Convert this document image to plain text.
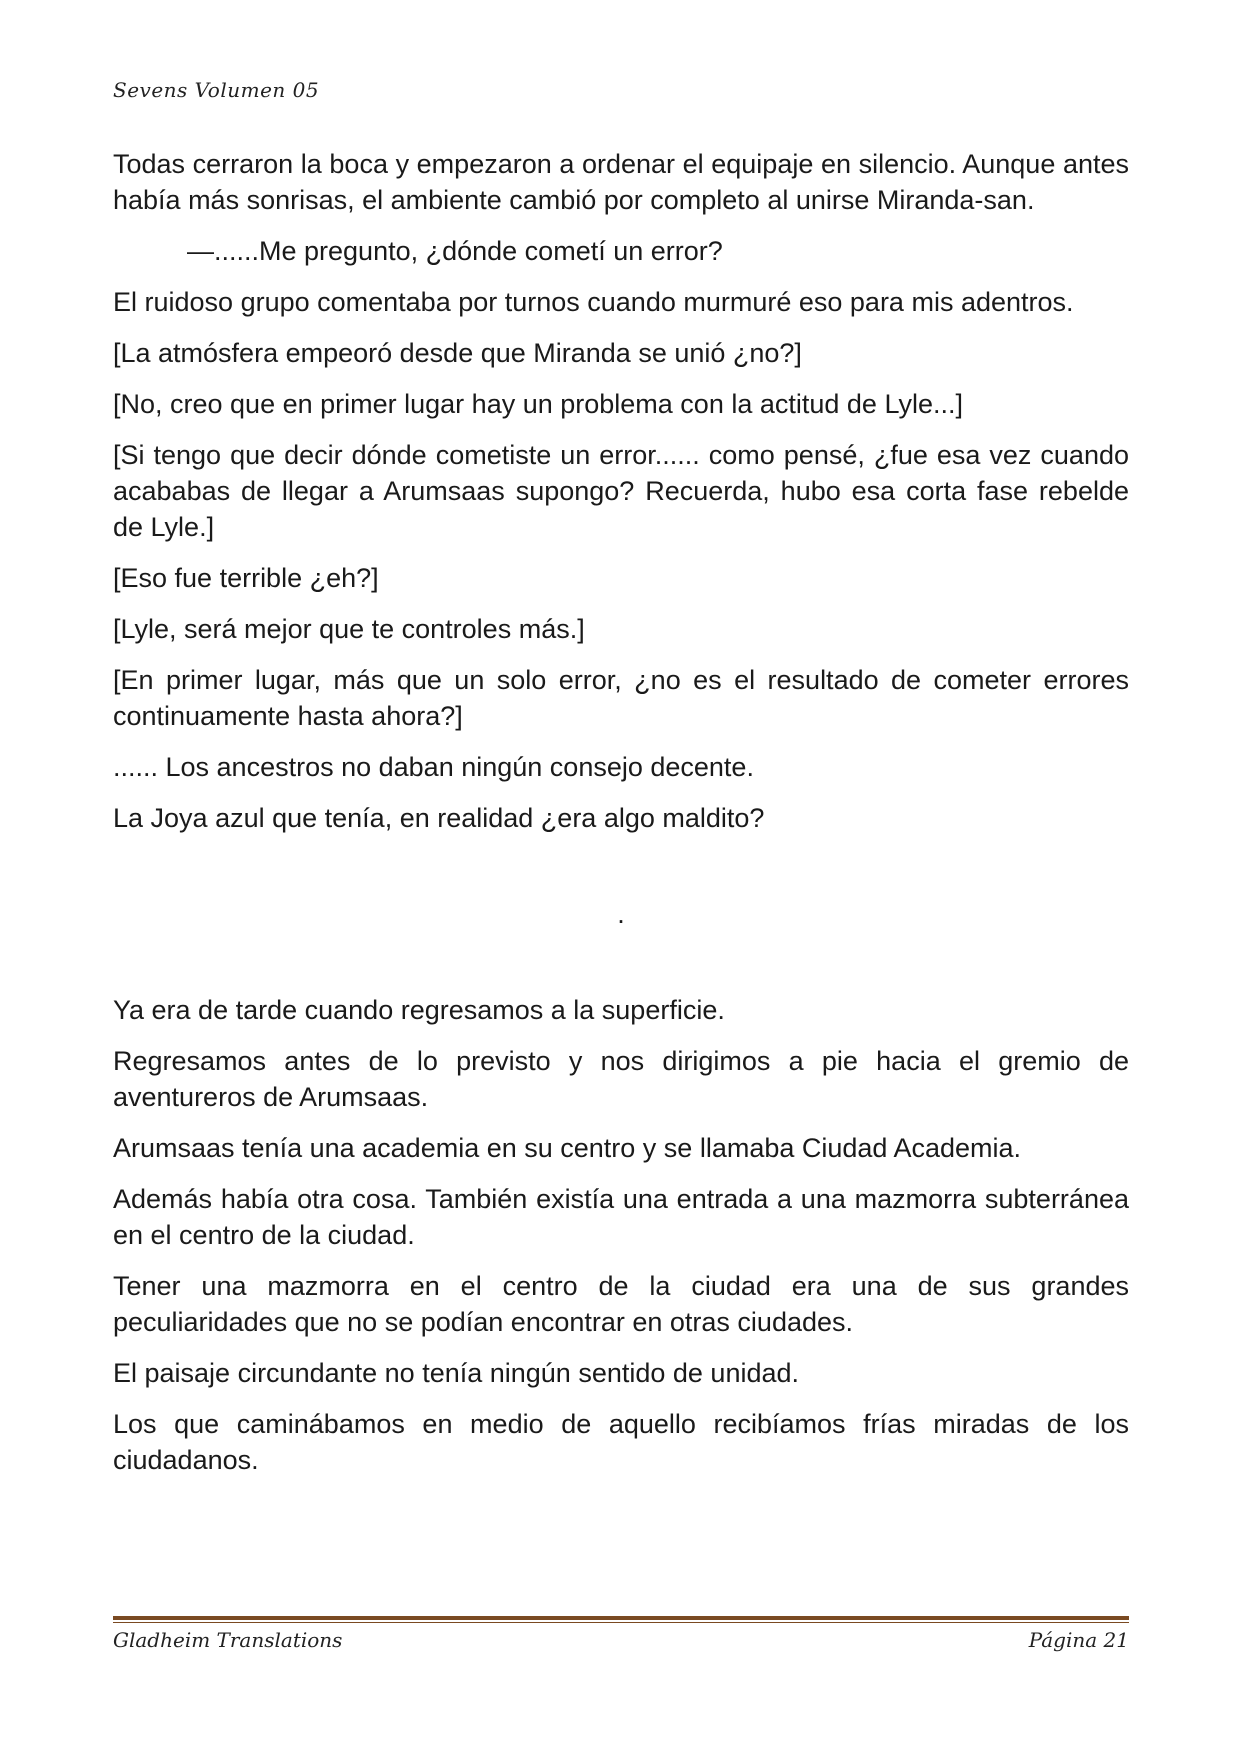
Sevens Volumen 05

Todas cerraron la boca y empezaron a ordenar el equipaje en silencio. Aunque antes había más sonrisas, el ambiente cambió por completo al unirse Miranda-san.

—......Me pregunto, ¿dónde cometí un error?

El ruidoso grupo comentaba por turnos cuando murmuré eso para mis adentros.

[La atmósfera empeoró desde que Miranda se unió ¿no?]

[No, creo que en primer lugar hay un problema con la actitud de Lyle...]

[Si tengo que decir dónde cometiste un error...... como pensé, ¿fue esa vez cuando acababas de llegar a Arumsaas supongo? Recuerda, hubo esa corta fase rebelde de Lyle.]

[Eso fue terrible ¿eh?]

[Lyle, será mejor que te controles más.]

[En primer lugar, más que un solo error, ¿no es el resultado de cometer errores continuamente hasta ahora?]

...... Los ancestros no daban ningún consejo decente.

La Joya azul que tenía, en realidad ¿era algo maldito?

.

Ya era de tarde cuando regresamos a la superficie.

Regresamos antes de lo previsto y nos dirigimos a pie hacia el gremio de aventureros de Arumsaas.

Arumsaas tenía una academia en su centro y se llamaba Ciudad Academia.

Además había otra cosa. También existía una entrada a una mazmorra subterránea en el centro de la ciudad.

Tener una mazmorra en el centro de la ciudad era una de sus grandes peculiaridades que no se podían encontrar en otras ciudades.

El paisaje circundante no tenía ningún sentido de unidad.

Los que caminábamos en medio de aquello recibíamos frías miradas de los ciudadanos.

Gladheim Translations	Página 21
